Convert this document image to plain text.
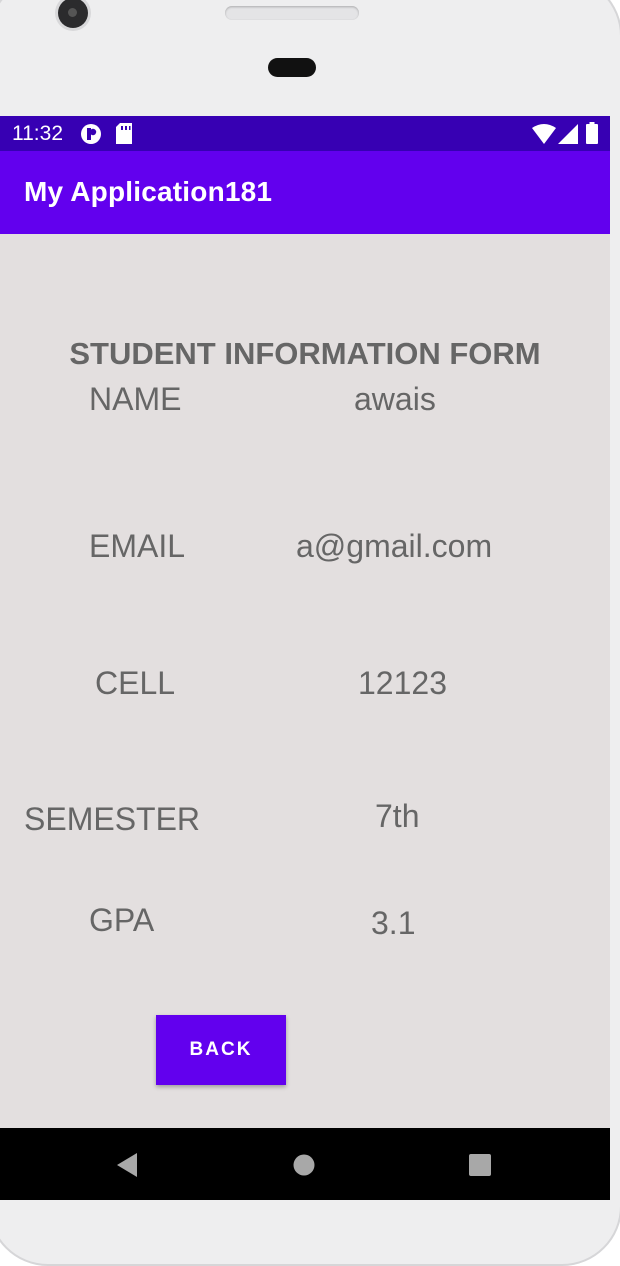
11:32
My Application181
STUDENT INFORMATION FORM
NAME	awais
EMAIL	a@gmail.com
CELL	12123
SEMESTER	7th
GPA	3.1
BACK
